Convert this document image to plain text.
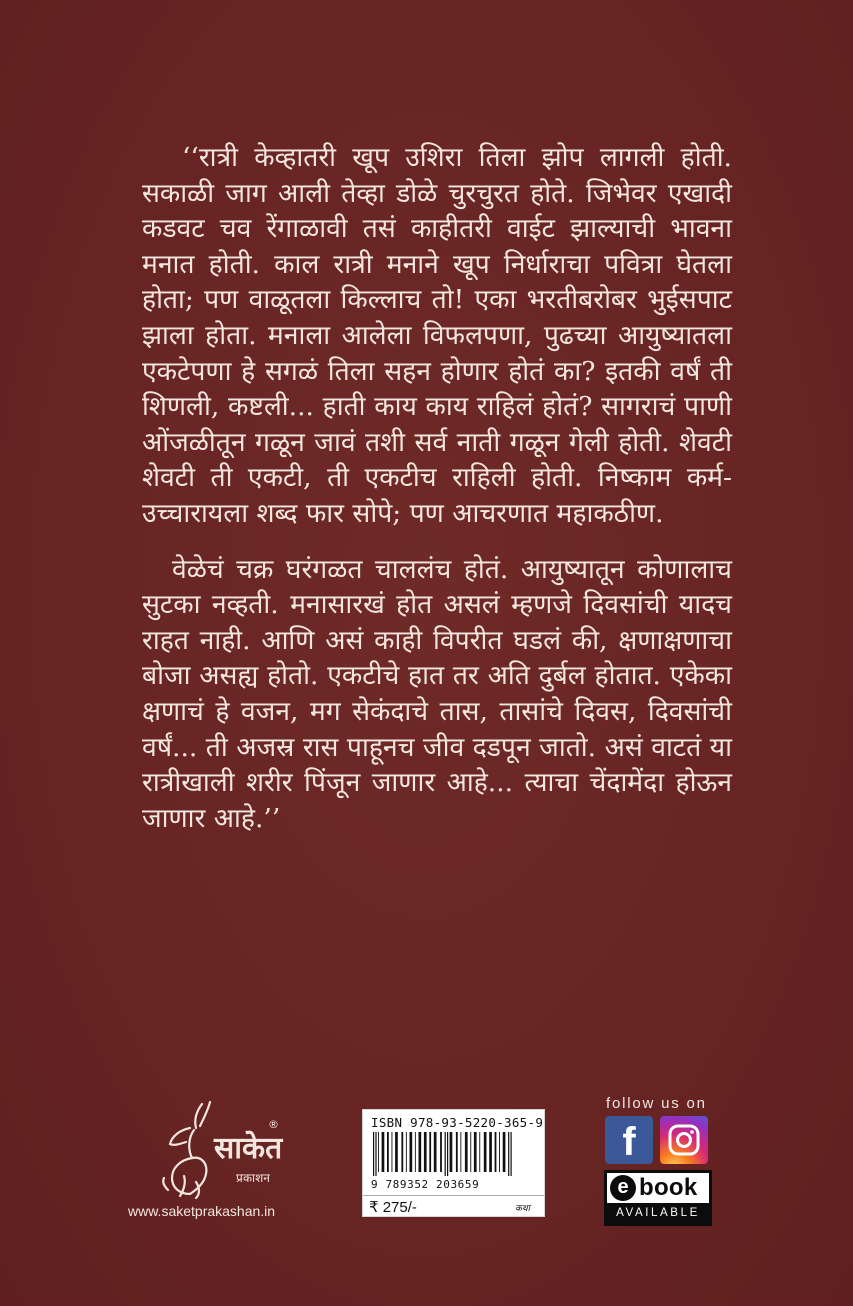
‘‘रात्री केव्हातरी खूप उशिरा तिला झोप लागली होती. सकाळी जाग आली तेव्हा डोळे चुरचुरत होते. जिभेवर एखादी कडवट चव रेंगाळावी तसं काहीतरी वाईट झाल्याची भावना मनात होती. काल रात्री मनाने खूप निर्धाराचा पवित्रा घेतला होता; पण वाळूतला किल्लाच तो! एका भरतीबरोबर भुईसपाट झाला होता. मनाला आलेला विफलपणा, पुढच्या आयुष्यातला एकटेपणा हे सगळं तिला सहन होणार होतं का? इतकी वर्षं ती शिणली, कष्टली... हाती काय काय राहिलं होतं? सागराचं पाणी ओंजळीतून गळून जावं तशी सर्व नाती गळून गेली होती. शेवटी शेवटी ती एकटी, ती एकटीच राहिली होती. निष्काम कर्म- उच्चारायला शब्द फार सोपे; पण आचरणात महाकठीण.

वेळेचं चक्र घरंगळत चाललंच होतं. आयुष्यातून कोणालाच सुटका नव्हती. मनासारखं होत असलं म्हणजे दिवसांची यादच राहत नाही. आणि असं काही विपरीत घडलं की, क्षणाक्षणाचा बोजा असह्य होतो. एकटीचे हात तर अति दुर्बल होतात. एकेका क्षणाचं हे वजन, मग सेकंदाचे तास, तासांचे दिवस, दिवसांची वर्षं... ती अजस्र रास पाहूनच जीव दडपून जातो. असं वाटतं या रात्रीखाली शरीर पिंजून जाणार आहे... त्याचा चेंदामेंदा होऊन जाणार आहे.’’

साकेत
प्रकाशन
®
www.saketprakashan.in
ISBN 978-93-5220-365-9
9 789352 203659
₹ 275/-	कथा
follow us on
f
e book
AVAILABLE
